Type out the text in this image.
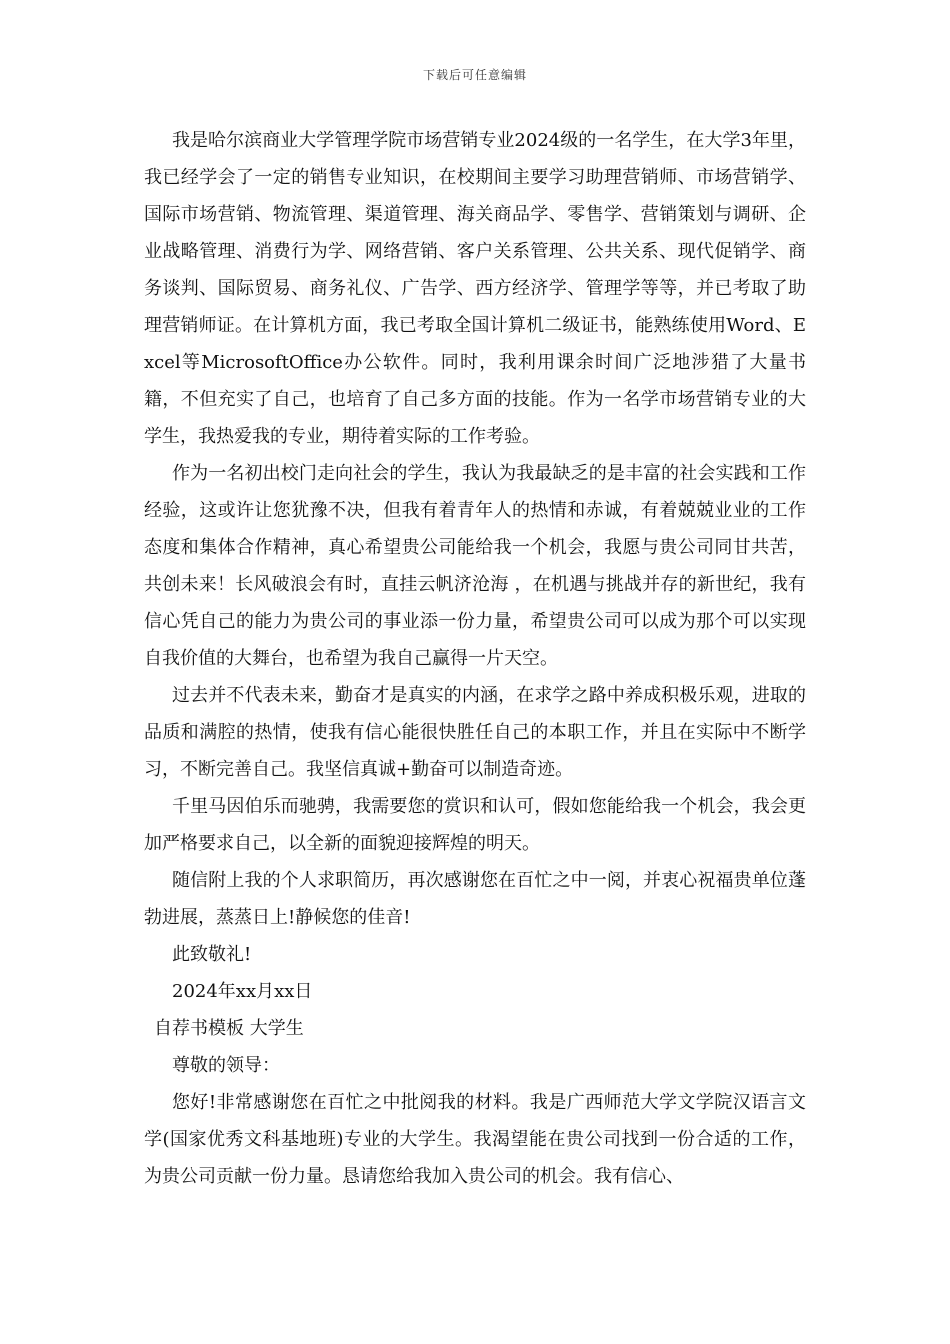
下载后可任意编辑

我是哈尔滨商业大学管理学院市场营销专业2024级的一名学生，在大学3年里，我已经学会了一定的销售专业知识，在校期间主要学习助理营销师、市场营销学、国际市场营销、物流管理、渠道管理、海关商品学、零售学、营销策划与调研、企业战略管理、消费行为学、网络营销、客户关系管理、公共关系、现代促销学、商务谈判、国际贸易、商务礼仪、广告学、西方经济学、管理学等等，并已考取了助理营销师证。在计算机方面，我已考取全国计算机二级证书，能熟练使用Word、Excel等MicrosoftOffice办公软件。同时，我利用课余时间广泛地涉猎了大量书籍，不但充实了自己，也培育了自己多方面的技能。作为一名学市场营销专业的大学生，我热爱我的专业，期待着实际的工作考验。

作为一名初出校门走向社会的学生，我认为我最缺乏的是丰富的社会实践和工作经验，这或许让您犹豫不决，但我有着青年人的热情和赤诚，有着兢兢业业的工作态度和集体合作精神，真心希望贵公司能给我一个机会，我愿与贵公司同甘共苦，共创未来！长风破浪会有时，直挂云帆济沧海 ，在机遇与挑战并存的新世纪，我有信心凭自己的能力为贵公司的事业添一份力量，希望贵公司可以成为那个可以实现自我价值的大舞台，也希望为我自己赢得一片天空。

过去并不代表未来，勤奋才是真实的内涵，在求学之路中养成积极乐观，进取的品质和满腔的热情，使我有信心能很快胜任自己的本职工作，并且在实际中不断学习，不断完善自己。我坚信真诚+勤奋可以制造奇迹。

千里马因伯乐而驰骋，我需要您的赏识和认可，假如您能给我一个机会，我会更加严格要求自己，以全新的面貌迎接辉煌的明天。

随信附上我的个人求职简历，再次感谢您在百忙之中一阅，并衷心祝福贵单位蓬勃进展，蒸蒸日上!静候您的佳音!

此致敬礼!

2024年xx月xx日

自荐书模板 大学生

尊敬的领导：

您好!非常感谢您在百忙之中批阅我的材料。我是广西师范大学文学院汉语言文学(国家优秀文科基地班)专业的大学生。我渴望能在贵公司找到一份合适的工作，为贵公司贡献一份力量。恳请您给我加入贵公司的机会。我有信心、
